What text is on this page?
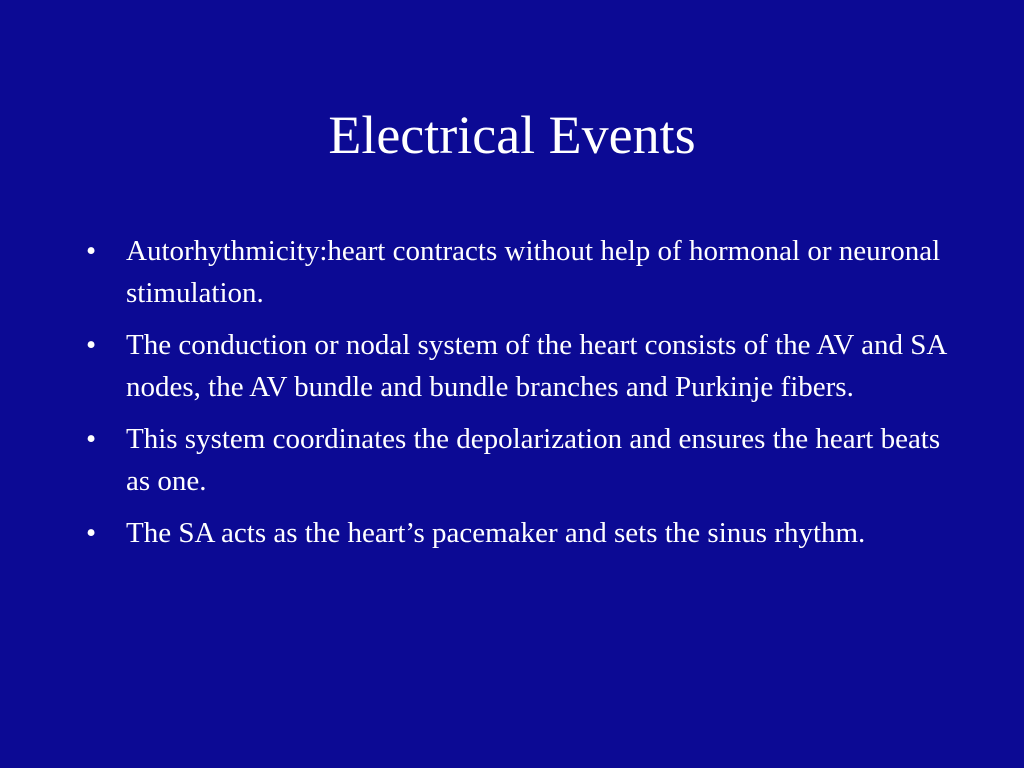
Electrical Events
•	Autorhythmicity:heart contracts without help of hormonal or neuronal stimulation.
•	The conduction or nodal system of the heart consists of the AV and SA nodes, the AV bundle and bundle branches and Purkinje fibers.
•	This system coordinates the depolarization and ensures the heart beats as one.
•	The SA acts as the heart’s pacemaker and sets the sinus rhythm.
